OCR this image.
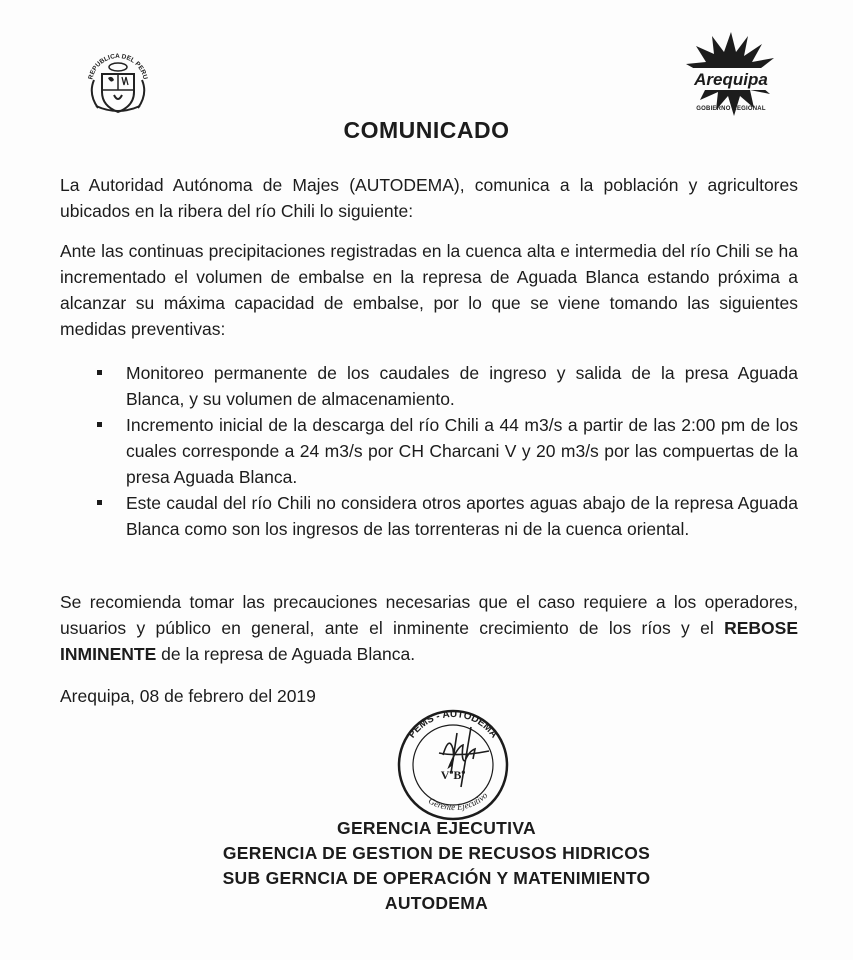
REPUBLICA DEL PERU	Arequipa
GOBIERNO REGIONAL
COMUNICADO

La Autoridad Autónoma de Majes (AUTODEMA), comunica a la población y agricultores ubicados en la ribera del río Chili lo siguiente:

Ante las continuas precipitaciones registradas en la cuenca alta e intermedia del río Chili se ha incrementado el volumen de embalse en la represa de Aguada Blanca estando próxima a alcanzar su máxima capacidad de embalse, por lo que se viene tomando las siguientes medidas preventivas:

Monitoreo permanente de los caudales de ingreso y salida de la presa Aguada Blanca, y su volumen de almacenamiento.
Incremento inicial de la descarga del río Chili a 44 m3/s a partir de las 2:00 pm de los cuales corresponde a 24 m3/s por CH Charcani V y 20 m3/s por las compuertas de la presa Aguada Blanca.
Este caudal del río Chili no considera otros aportes aguas abajo de la represa Aguada Blanca como son los ingresos de las torrenteras ni de la cuenca oriental.

Se recomienda tomar las precauciones necesarias que el caso requiere a los operadores, usuarios y público en general, ante el inminente crecimiento de los ríos y el REBOSE INMINENTE de la represa de Aguada Blanca.

Arequipa, 08 de febrero del 2019
PEMS - AUTODEMA
VºBº
Gerente Ejecutivo
GERENCIA EJECUTIVA
GERENCIA DE GESTION DE RECUSOS HIDRICOS
SUB GERNCIA DE OPERACIÓN Y MATENIMIENTO
AUTODEMA
